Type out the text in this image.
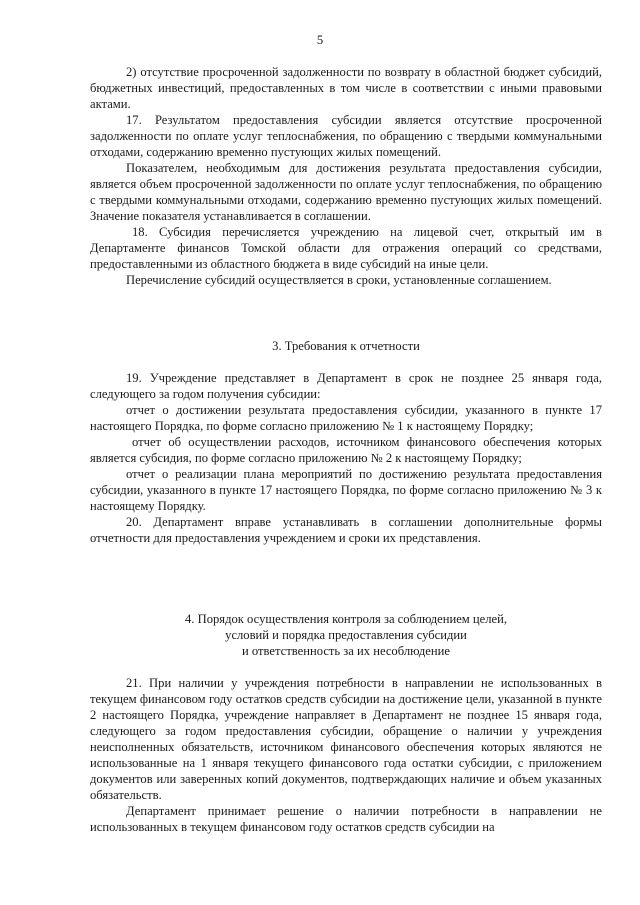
5

2) отсутствие просроченной задолженности по возврату в областной бюджет субсидий, бюджетных инвестиций, предоставленных в том числе в соответствии с иными правовыми актами.

17. Результатом предоставления субсидии является отсутствие просроченной задолженности по оплате услуг теплоснабжения, по обращению с твердыми коммунальными отходами, содержанию временно пустующих жилых помещений.

Показателем, необходимым для достижения результата предоставления субсидии, является объем просроченной задолженности по оплате услуг теплоснабжения, по обращению с твердыми коммунальными отходами, содержанию временно пустующих жилых помещений. Значение показателя устанавливается в соглашении.

18. Субсидия перечисляется учреждению на лицевой счет, открытый им в Департаменте финансов Томской области для отражения операций со средствами, предоставленными из областного бюджета в виде субсидий на иные цели.

Перечисление субсидий осуществляется в сроки, установленные соглашением.

3. Требования к отчетности

19. Учреждение представляет в Департамент в срок не позднее 25 января года, следующего за годом получения субсидии:

отчет о достижении результата предоставления субсидии, указанного в пункте 17 настоящего Порядка, по форме согласно приложению № 1 к настоящему Порядку;

отчет об осуществлении расходов, источником финансового обеспечения которых является субсидия, по форме согласно приложению № 2 к настоящему Порядку;

отчет о реализации плана мероприятий по достижению результата предоставления субсидии, указанного в пункте 17 настоящего Порядка, по форме согласно приложению № 3 к настоящему Порядку.

20. Департамент вправе устанавливать в соглашении дополнительные формы отчетности для предоставления учреждением и сроки их представления.

4. Порядок осуществления контроля за соблюдением целей,
условий и порядка предоставления субсидии
и ответственность за их несоблюдение

21. При наличии у учреждения потребности в направлении не использованных в текущем финансовом году остатков средств субсидии на достижение цели, указанной в пункте 2 настоящего Порядка, учреждение направляет в Департамент не позднее 15 января года, следующего за годом предоставления субсидии, обращение о наличии у учреждения неисполненных обязательств, источником финансового обеспечения которых являются не использованные на 1 января текущего финансового года остатки субсидии, с приложением документов или заверенных копий документов, подтверждающих наличие и объем указанных обязательств.

Департамент принимает решение о наличии потребности в направлении не использованных в текущем финансовом году остатков средств субсидии на
